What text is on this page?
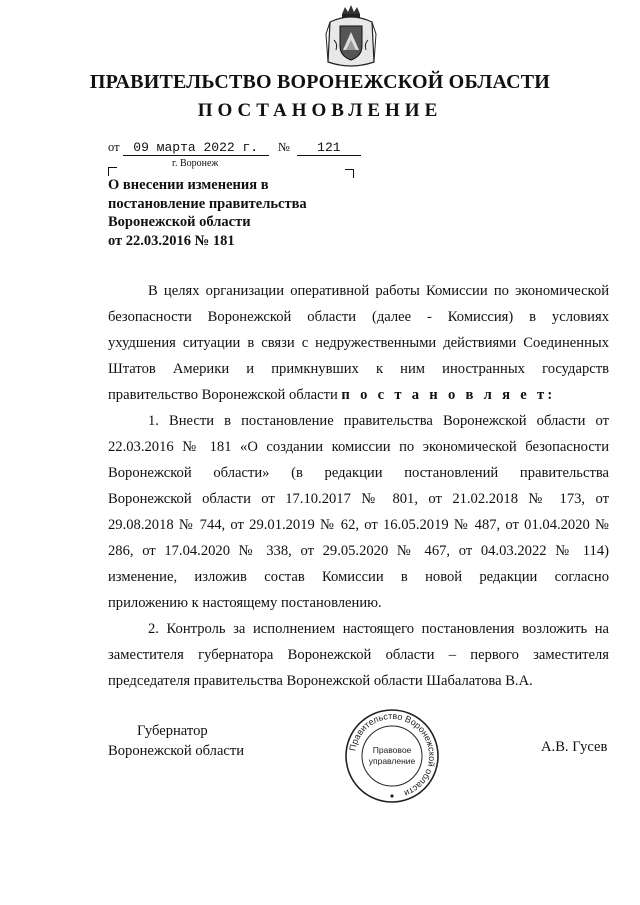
ПРАВИТЕЛЬСТВО ВОРОНЕЖСКОЙ ОБЛАСТИ
ПОСТАНОВЛЕНИЕ
от 09 марта 2022 г. № 121
г. Воронеж
О внесении изменения в
постановление правительства
Воронежской области
от 22.03.2016 № 181

В целях организации оперативной работы Комиссии по экономической

безопасности Воронежской области (далее - Комиссия) в условиях

ухудшения ситуации в связи с недружественными действиями Соединенных

Штатов Америки и примкнувших к ним иностранных государств

правительство Воронежской области п о с т а н о в л я е т:

1. Внести в постановление правительства Воронежской области от

22.03.2016 № 181 «О создании комиссии по экономической безопасности

Воронежской области» (в редакции постановлений правительства

Воронежской области от 17.10.2017 № 801, от 21.02.2018 № 173, от

29.08.2018 № 744, от 29.01.2019 № 62, от 16.05.2019 № 487, от 01.04.2020 №

286, от 17.04.2020 № 338, от 29.05.2020 № 467, от 04.03.2022 № 114)

изменение, изложив состав Комиссии в новой редакции согласно

приложению к настоящему постановлению.

2. Контроль за исполнением настоящего постановления возложить на

заместителя губернатора Воронежской области – первого заместителя

председателя правительства Воронежской области Шабалатова В.А.

Губернатор
Воронежской области	Правительство Воронежской области
Правовое
управление
А.В. Гусев
